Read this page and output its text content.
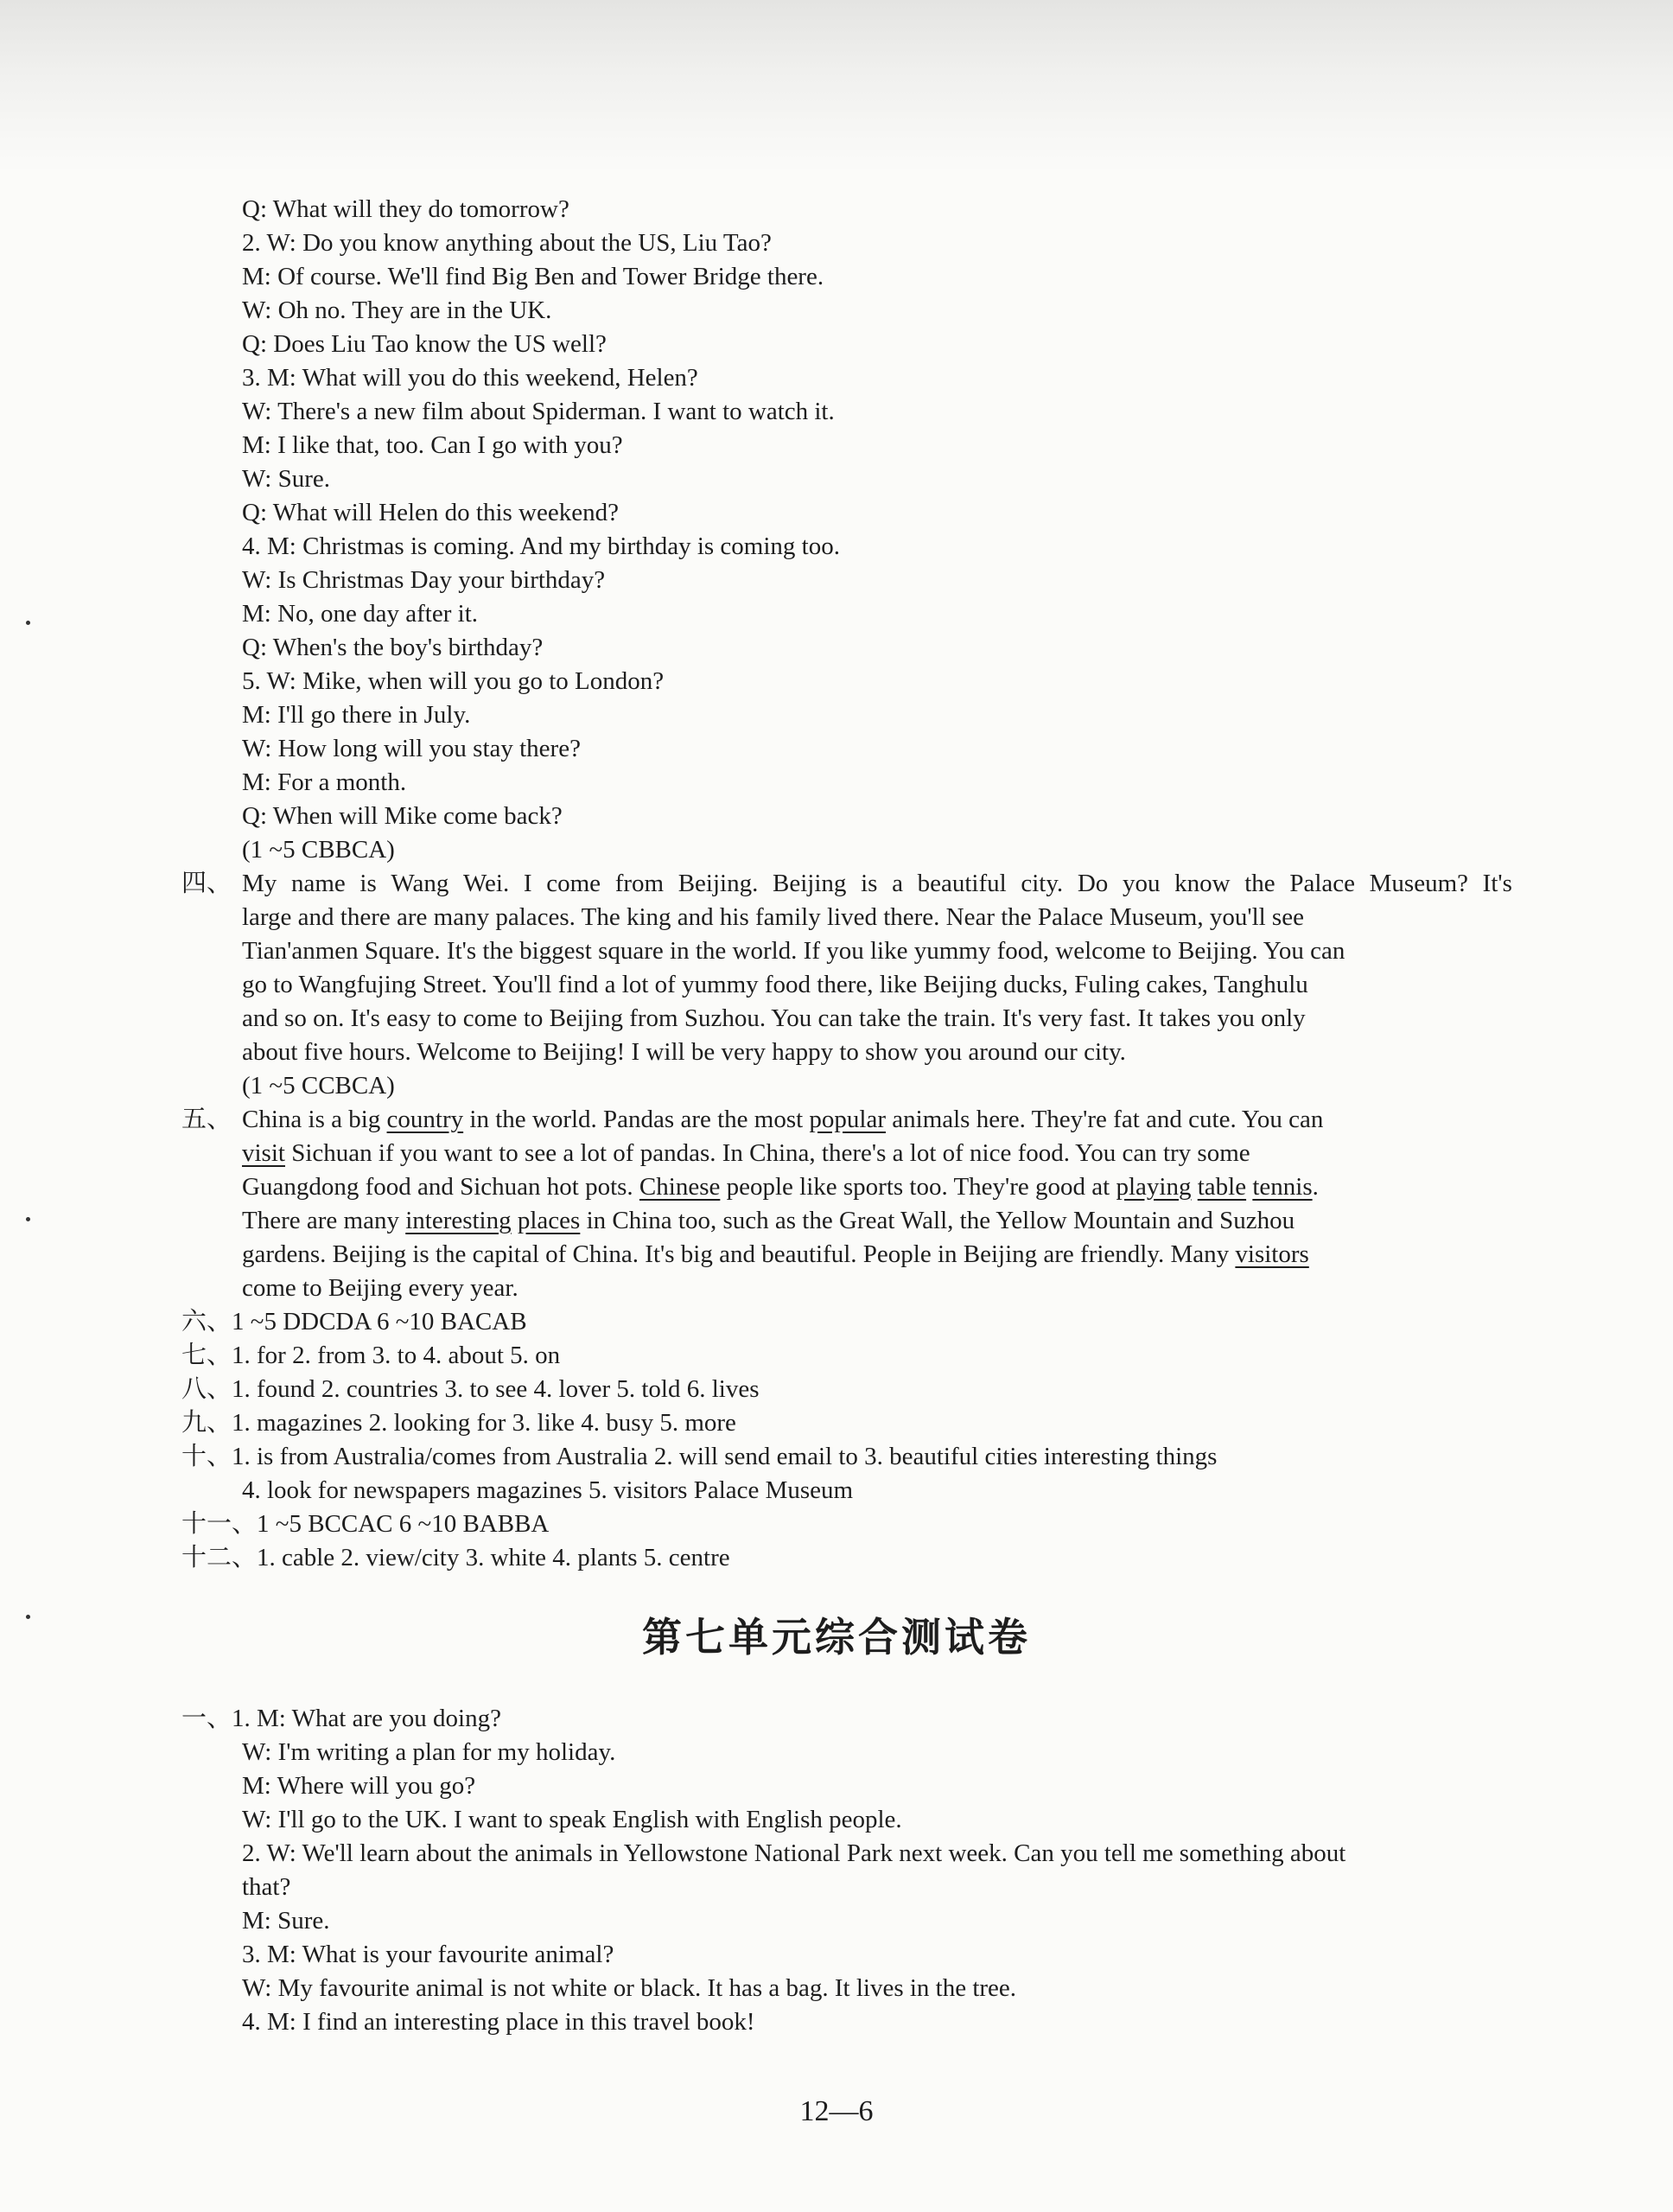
Q: What will they do tomorrow?
2. W: Do you know anything about the US, Liu Tao?
M: Of course. We'll find Big Ben and Tower Bridge there.
W: Oh no. They are in the UK.
Q: Does Liu Tao know the US well?
3. M: What will you do this weekend, Helen?
W: There's a new film about Spiderman. I want to watch it.
M: I like that, too. Can I go with you?
W: Sure.
Q: What will Helen do this weekend?
4. M: Christmas is coming. And my birthday is coming too.
W: Is Christmas Day your birthday?
M: No, one day after it.
Q: When's the boy's birthday?
5. W: Mike, when will you go to London?
M: I'll go there in July.
W: How long will you stay there?
M: For a month.
Q: When will Mike come back?
(1 ~5 CBBCA)
四、 My name is Wang Wei. I come from Beijing. Beijing is a beautiful city. Do you know the Palace Museum? It's
large and there are many palaces. The king and his family lived there. Near the Palace Museum, you'll see
Tian'anmen Square. It's the biggest square in the world. If you like yummy food, welcome to Beijing. You can
go to Wangfujing Street. You'll find a lot of yummy food there, like Beijing ducks, Fuling cakes, Tanghulu
and so on. It's easy to come to Beijing from Suzhou. You can take the train. It's very fast. It takes you only
about five hours. Welcome to Beijing! I will be very happy to show you around our city.
(1 ~5 CCBCA)
五、 China is a big country in the world. Pandas are the most popular animals here. They're fat and cute. You can
visit Sichuan if you want to see a lot of pandas. In China, there's a lot of nice food. You can try some
Guangdong food and Sichuan hot pots. Chinese people like sports too. They're good at playing table tennis.
There are many interesting places in China too, such as the Great Wall, the Yellow Mountain and Suzhou
gardens. Beijing is the capital of China. It's big and beautiful. People in Beijing are friendly. Many visitors
come to Beijing every year.
六、1 ~5 DDCDA 6 ~10 BACAB
七、1. for 2. from 3. to 4. about 5. on
八、1. found 2. countries 3. to see 4. lover 5. told 6. lives
九、1. magazines 2. looking for 3. like 4. busy 5. more
十、1. is from Australia/comes from Australia 2. will send email to 3. beautiful cities interesting things
4. look for newspapers magazines 5. visitors Palace Museum
十一、1 ~5 BCCAC 6 ~10 BABBA
十二、1. cable 2. view/city 3. white 4. plants 5. centre
第七单元综合测试卷
一、1. M: What are you doing?
W: I'm writing a plan for my holiday.
M: Where will you go?
W: I'll go to the UK. I want to speak English with English people.
2. W: We'll learn about the animals in Yellowstone National Park next week. Can you tell me something about
that?
M: Sure.
3. M: What is your favourite animal?
W: My favourite animal is not white or black. It has a bag. It lives in the tree.
4. M: I find an interesting place in this travel book!
12—6
